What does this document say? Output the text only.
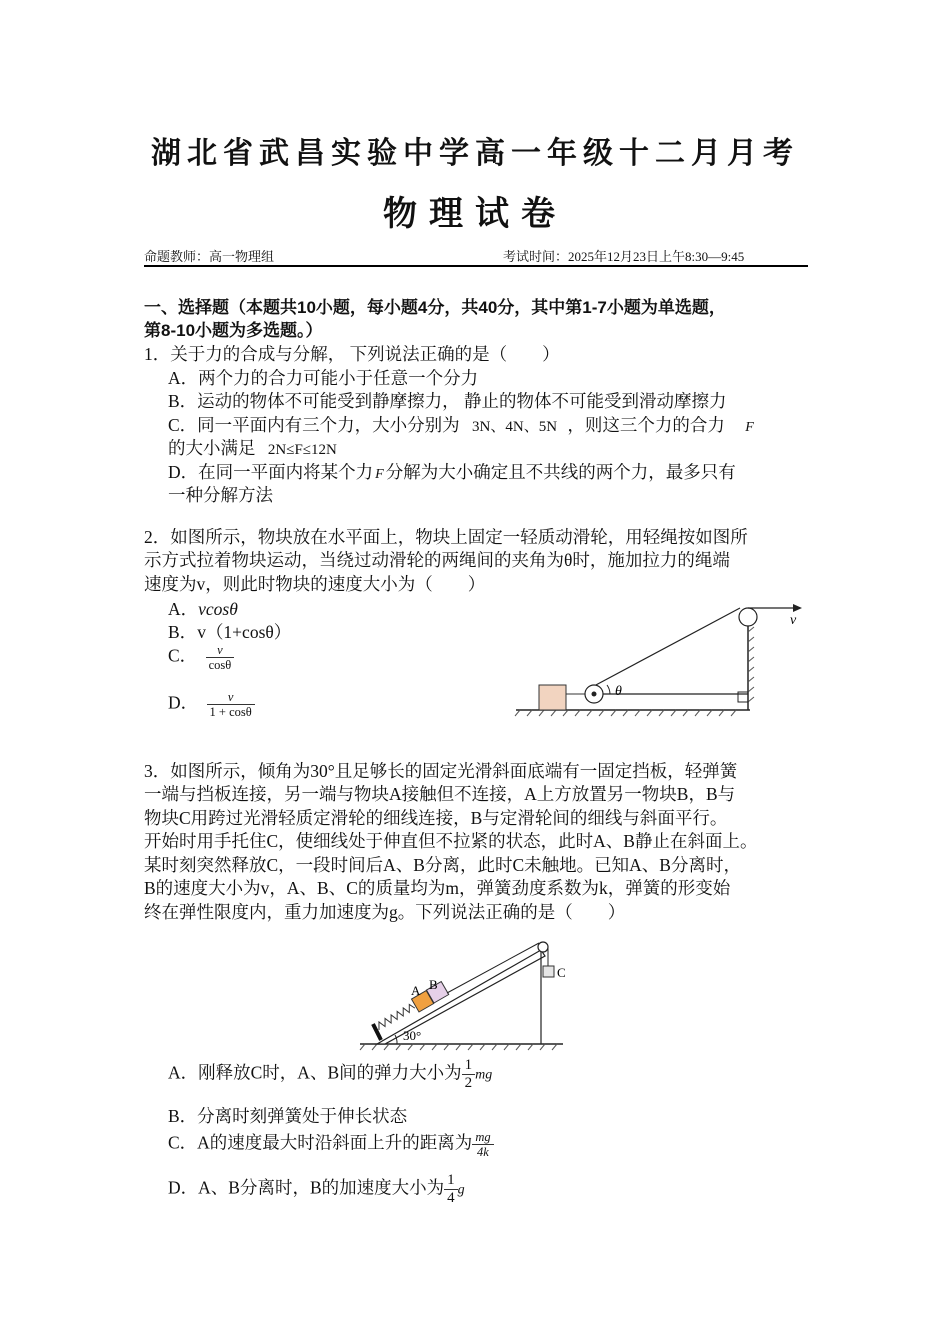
湖北省武昌实验中学高一年级十二月月考
物理试卷
命题教师：高一物理组	考试时间：2025年12月23日上午8:30—9:45
一、选择题（本题共10小题，每小题4分，共40分，其中第1-7小题为单选题，
第8-10小题为多选题。）
1．关于力的合成与分解， 下列说法正确的是（　　）
A．两个力的合力可能小于任意一个分力
B．运动的物体不可能受到静摩擦力， 静止的物体不可能受到滑动摩擦力
C．同一平面内有三个力，大小分别为 3N、4N、5N ，则这三个力的合力 F
的大小满足 2N≤F≤12N
D．在同一平面内将某个力 F 分解为大小确定且不共线的两个力，最多只有
一种分解方法
2．如图所示，物块放在水平面上，物块上固定一轻质动滑轮，用轻绳按如图所
示方式拉着物块运动，当绕过动滑轮的两绳间的夹角为θ时，施加拉力的绳端
速度为v，则此时物块的速度大小为（　　）
A．vcosθ
B．v（1+cosθ）
C． $\frac{v}{\cos\theta}$
D． $\frac{v}{1 + \cos\theta}$	θ
v
3．如图所示，倾角为30°且足够长的固定光滑斜面底端有一固定挡板，轻弹簧
一端与挡板连接，另一端与物块A接触但不连接，A上方放置另一物块B，B与
物块C用跨过光滑轻质定滑轮的细线连接，B与定滑轮间的细线与斜面平行。
开始时用手托住C，使细线处于伸直但不拉紧的状态，此时A、B静止在斜面上。
某时刻突然释放C，一段时间后A、B分离，此时C未触地。已知A、B分离时，
B的速度大小为v，A、B、C的质量均为m，弹簧劲度系数为k，弹簧的形变始
终在弹性限度内，重力加速度为g。下列说法正确的是（　　）
C
A B
30°
A．刚释放C时，A、B间的弹力大小为 $\frac{1}{2}$ mg
B．分离时刻弹簧处于伸长状态
C．A的速度最大时沿斜面上升的距离为 $\frac{mg}{4k}$
D．A、B分离时，B的加速度大小为 $\frac{1}{4}$ g
